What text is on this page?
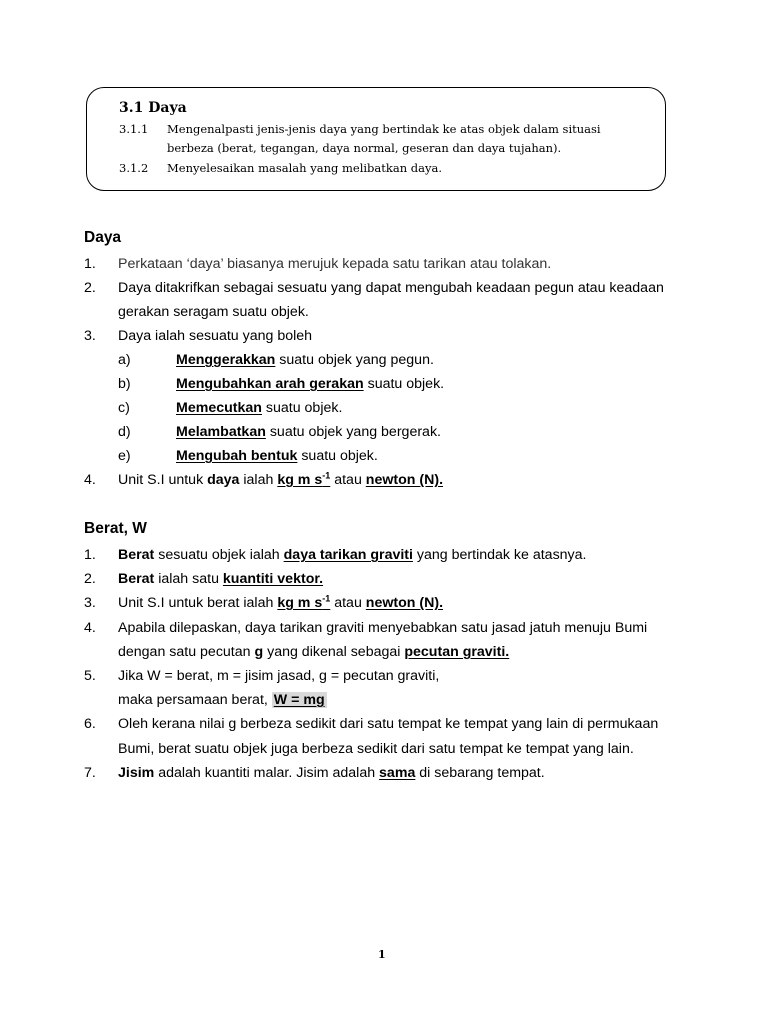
3.1 Daya
3.1.1 Mengenalpasti jenis-jenis daya yang bertindak ke atas objek dalam situasi
berbeza (berat, tegangan, daya normal, geseran dan daya tujahan).
3.1.2 Menyelesaikan masalah yang melibatkan daya.
Daya
1. Perkataan ‘daya’ biasanya merujuk kepada satu tarikan atau tolakan.
2. Daya ditakrifkan sebagai sesuatu yang dapat mengubah keadaan pegun atau keadaan
gerakan seragam suatu objek.
3. Daya ialah sesuatu yang boleh
a)	Menggerakkan suatu objek yang pegun.
b)	Mengubahkan arah gerakan suatu objek.
c)	Memecutkan suatu objek.
d)	Melambatkan suatu objek yang bergerak.
e)	Mengubah bentuk suatu objek.
4. Unit S.I untuk daya ialah kg m $s^{-1}$ atau newton (N).
Berat, W
1. Berat sesuatu objek ialah daya tarikan graviti yang bertindak ke atasnya.
2. Berat ialah satu kuantiti vektor.
3. Unit S.I untuk berat ialah kg m $s^{-1}$ atau newton (N).
4. Apabila dilepaskan, daya tarikan graviti menyebabkan satu jasad jatuh menuju Bumi
dengan satu pecutan g yang dikenal sebagai pecutan graviti.
5. Jika W = berat, m = jisim jasad, g = pecutan graviti,
maka persamaan berat, W = mg
6. Oleh kerana nilai g berbeza sedikit dari satu tempat ke tempat yang lain di permukaan
Bumi, berat suatu objek juga berbeza sedikit dari satu tempat ke tempat yang lain.
7. Jisim adalah kuantiti malar. Jisim adalah sama di sebarang tempat.
1
